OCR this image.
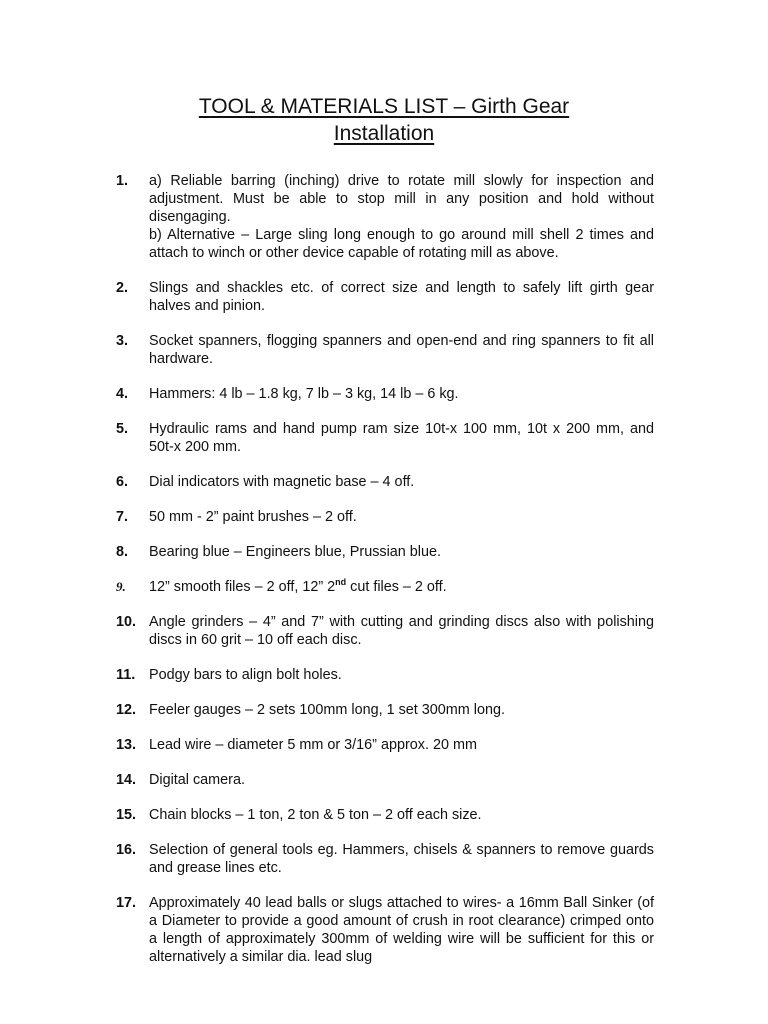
TOOL & MATERIALS LIST – Girth Gear
Installation
1. a) Reliable barring (inching) drive to rotate mill slowly for inspection and adjustment. Must be able to stop mill in any position and hold without disengaging.
b) Alternative – Large sling long enough to go around mill shell 2 times and attach to winch or other device capable of rotating mill as above.
2. Slings and shackles etc. of correct size and length to safely lift girth gear halves and pinion.
3. Socket spanners, flogging spanners and open-end and ring spanners to fit all hardware.
4. Hammers: 4 lb – 1.8 kg, 7 lb – 3 kg, 14 lb – 6 kg.
5. Hydraulic rams and hand pump ram size 10t-x 100 mm, 10t x 200 mm, and 50t-x 200 mm.
6. Dial indicators with magnetic base – 4 off.
7. 50 mm - 2” paint brushes – 2 off.
8. Bearing blue – Engineers blue, Prussian blue.
9. 12” smooth files – 2 off, 12” 2nd cut files – 2 off.
10. Angle grinders – 4” and 7” with cutting and grinding discs also with polishing discs in 60 grit – 10 off each disc.
11. Podgy bars to align bolt holes.
12. Feeler gauges – 2 sets 100mm long, 1 set 300mm long.
13. Lead wire – diameter 5 mm or 3/16” approx. 20 mm
14. Digital camera.
15. Chain blocks – 1 ton, 2 ton & 5 ton – 2 off each size.
16. Selection of general tools eg. Hammers, chisels & spanners to remove guards and grease lines etc.
17. Approximately 40 lead balls or slugs attached to wires- a 16mm Ball Sinker (of a Diameter to provide a good amount of crush in root clearance) crimped onto a length of approximately 300mm of welding wire will be sufficient for this or alternatively a similar dia. lead slug
